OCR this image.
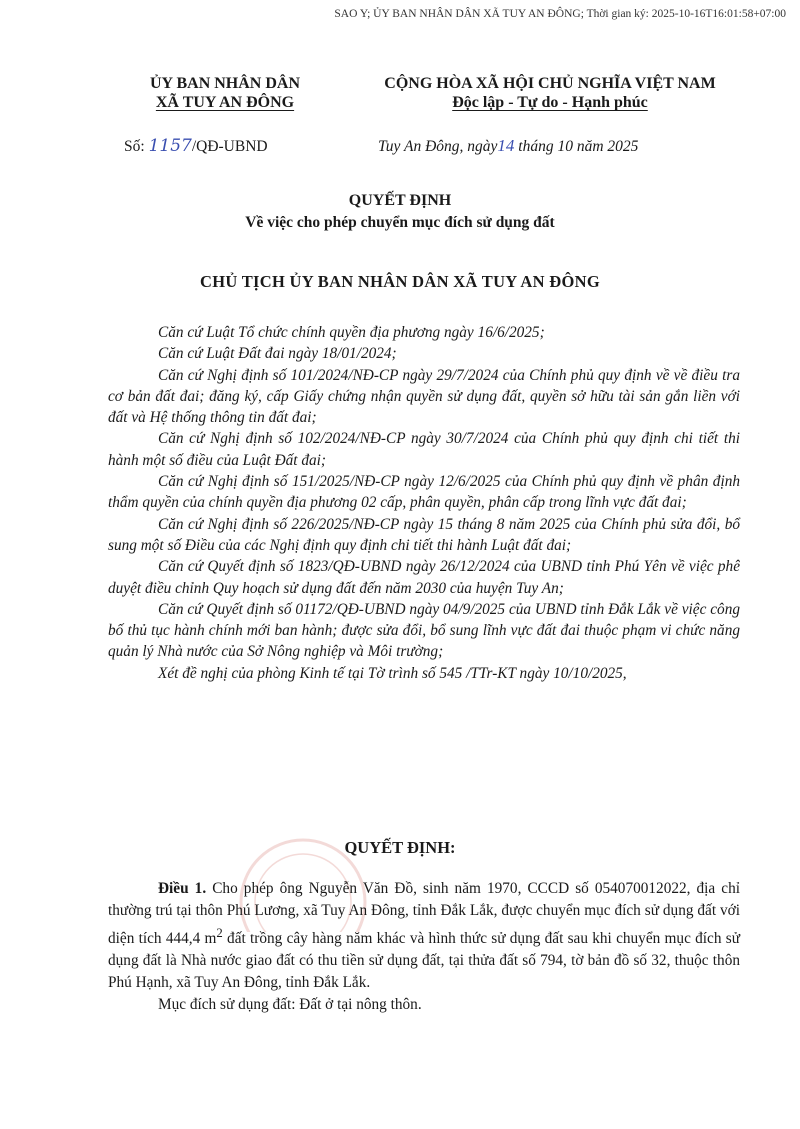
SAO Y; ỦY BAN NHÂN DÂN XÃ TUY AN ĐÔNG; Thời gian ký: 2025-10-16T16:01:58+07:00
ỦY BAN NHÂN DÂN
XÃ TUY AN ĐÔNG
CỘNG HÒA XÃ HỘI CHỦ NGHĨA VIỆT NAM
Độc lập - Tự do - Hạnh phúc
Số: 1157/QĐ-UBND	Tuy An Đông, ngày14 tháng 10 năm 2025
QUYẾT ĐỊNH
Về việc cho phép chuyển mục đích sử dụng đất
CHỦ TỊCH ỦY BAN NHÂN DÂN XÃ TUY AN ĐÔNG

Căn cứ Luật Tổ chức chính quyền địa phương ngày 16/6/2025;

Căn cứ Luật Đất đai ngày 18/01/2024;

Căn cứ Nghị định số 101/2024/NĐ-CP ngày 29/7/2024 của Chính phủ quy định về về điều tra cơ bản đất đai; đăng ký, cấp Giấy chứng nhận quyền sử dụng đất, quyền sở hữu tài sản gắn liền với đất và Hệ thống thông tin đất đai;

Căn cứ Nghị định số 102/2024/NĐ-CP ngày 30/7/2024 của Chính phủ quy định chi tiết thi hành một số điều của Luật Đất đai;

Căn cứ Nghị định số 151/2025/NĐ-CP ngày 12/6/2025 của Chính phủ quy định về phân định thẩm quyền của chính quyền địa phương 02 cấp, phân quyền, phân cấp trong lĩnh vực đất đai;

Căn cứ Nghị định số 226/2025/NĐ-CP ngày 15 tháng 8 năm 2025 của Chính phủ sửa đổi, bổ sung một số Điều của các Nghị định quy định chi tiết thi hành Luật đất đai;

Căn cứ Quyết định số 1823/QĐ-UBND ngày 26/12/2024 của UBND tỉnh Phú Yên về việc phê duyệt điều chỉnh Quy hoạch sử dụng đất đến năm 2030 của huyện Tuy An;

Căn cứ Quyết định số 01172/QĐ-UBND ngày 04/9/2025 của UBND tỉnh Đắk Lắk về việc công bố thủ tục hành chính mới ban hành; được sửa đổi, bổ sung lĩnh vực đất đai thuộc phạm vi chức năng quản lý Nhà nước của Sở Nông nghiệp và Môi trường;

Xét đề nghị của phòng Kinh tế tại Tờ trình số 545 /TTr-KT ngày 10/10/2025,

QUYẾT ĐỊNH:

Điều 1. Cho phép ông Nguyễn Văn Đồ, sinh năm 1970, CCCD số 054070012022, địa chỉ thường trú tại thôn Phú Lương, xã Tuy An Đông, tỉnh Đắk Lắk, được chuyển mục đích sử dụng đất với diện tích 444,4 $m^2$ đất trồng cây hàng năm khác và hình thức sử dụng đất sau khi chuyển mục đích sử dụng đất là Nhà nước giao đất có thu tiền sử dụng đất, tại thửa đất số 794, tờ bản đồ số 32, thuộc thôn Phú Hạnh, xã Tuy An Đông, tỉnh Đắk Lắk.

Mục đích sử dụng đất: Đất ở tại nông thôn.
